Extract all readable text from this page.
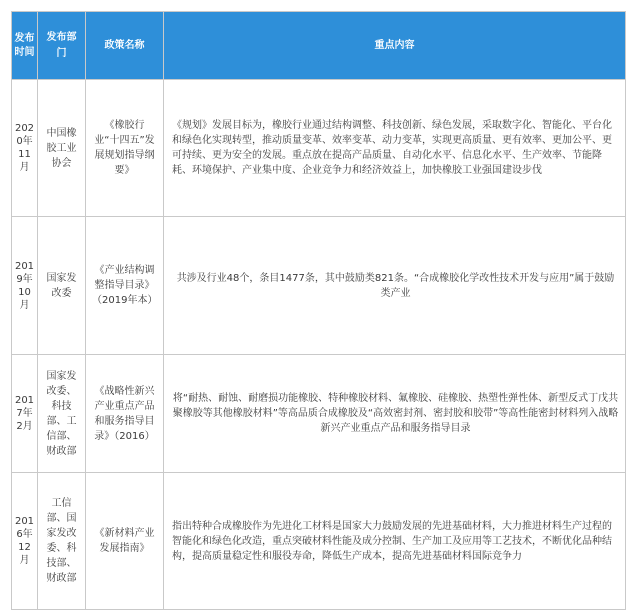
发布时间	发布部门	政策名称	重点内容
2020年11月	中国橡胶工业协会	《橡胶行业“十四五”发展规划指导纲要》	《规划》发展目标为，橡胶行业通过结构调整、科技创新、绿色发展，采取数字化、智能化、平台化和绿色化实现转型，推动质量变革、效率变革、动力变革，实现更高质量、更有效率、更加公平、更可持续、更为安全的发展。重点放在提高产品质量、自动化水平、信息化水平、生产效率、节能降耗、环境保护、产业集中度、企业竞争力和经济效益上，加快橡胶工业强国建设步伐
2019年10月	国家发改委	《产业结构调整指导目录》（2019年本）	共涉及行业48个，条目1477条，其中鼓励类821条。“合成橡胶化学改性技术开发与应用”属于鼓励类产业
2017年2月	国家发改委、科技部、工信部、财政部	《战略性新兴产业重点产品和服务指导目录》（2016）	将“耐热、耐蚀、耐磨损功能橡胶、特种橡胶材料、氟橡胶、硅橡胶、热塑性弹性体、新型反式丁戊共聚橡胶等其他橡胶材料”等高品质合成橡胶及“高效密封剂、密封胶和胶带”等高性能密封材料列入战略新兴产业重点产品和服务指导目录
2016年12月	工信部、国家发改委、科技部、财政部	《新材料产业发展指南》	指出特种合成橡胶作为先进化工材料是国家大力鼓励发展的先进基础材料，大力推进材料生产过程的智能化和绿色化改造，重点突破材料性能及成分控制、生产加工及应用等工艺技术，不断优化品种结构，提高质量稳定性和服役寿命，降低生产成本，提高先进基础材料国际竞争力
